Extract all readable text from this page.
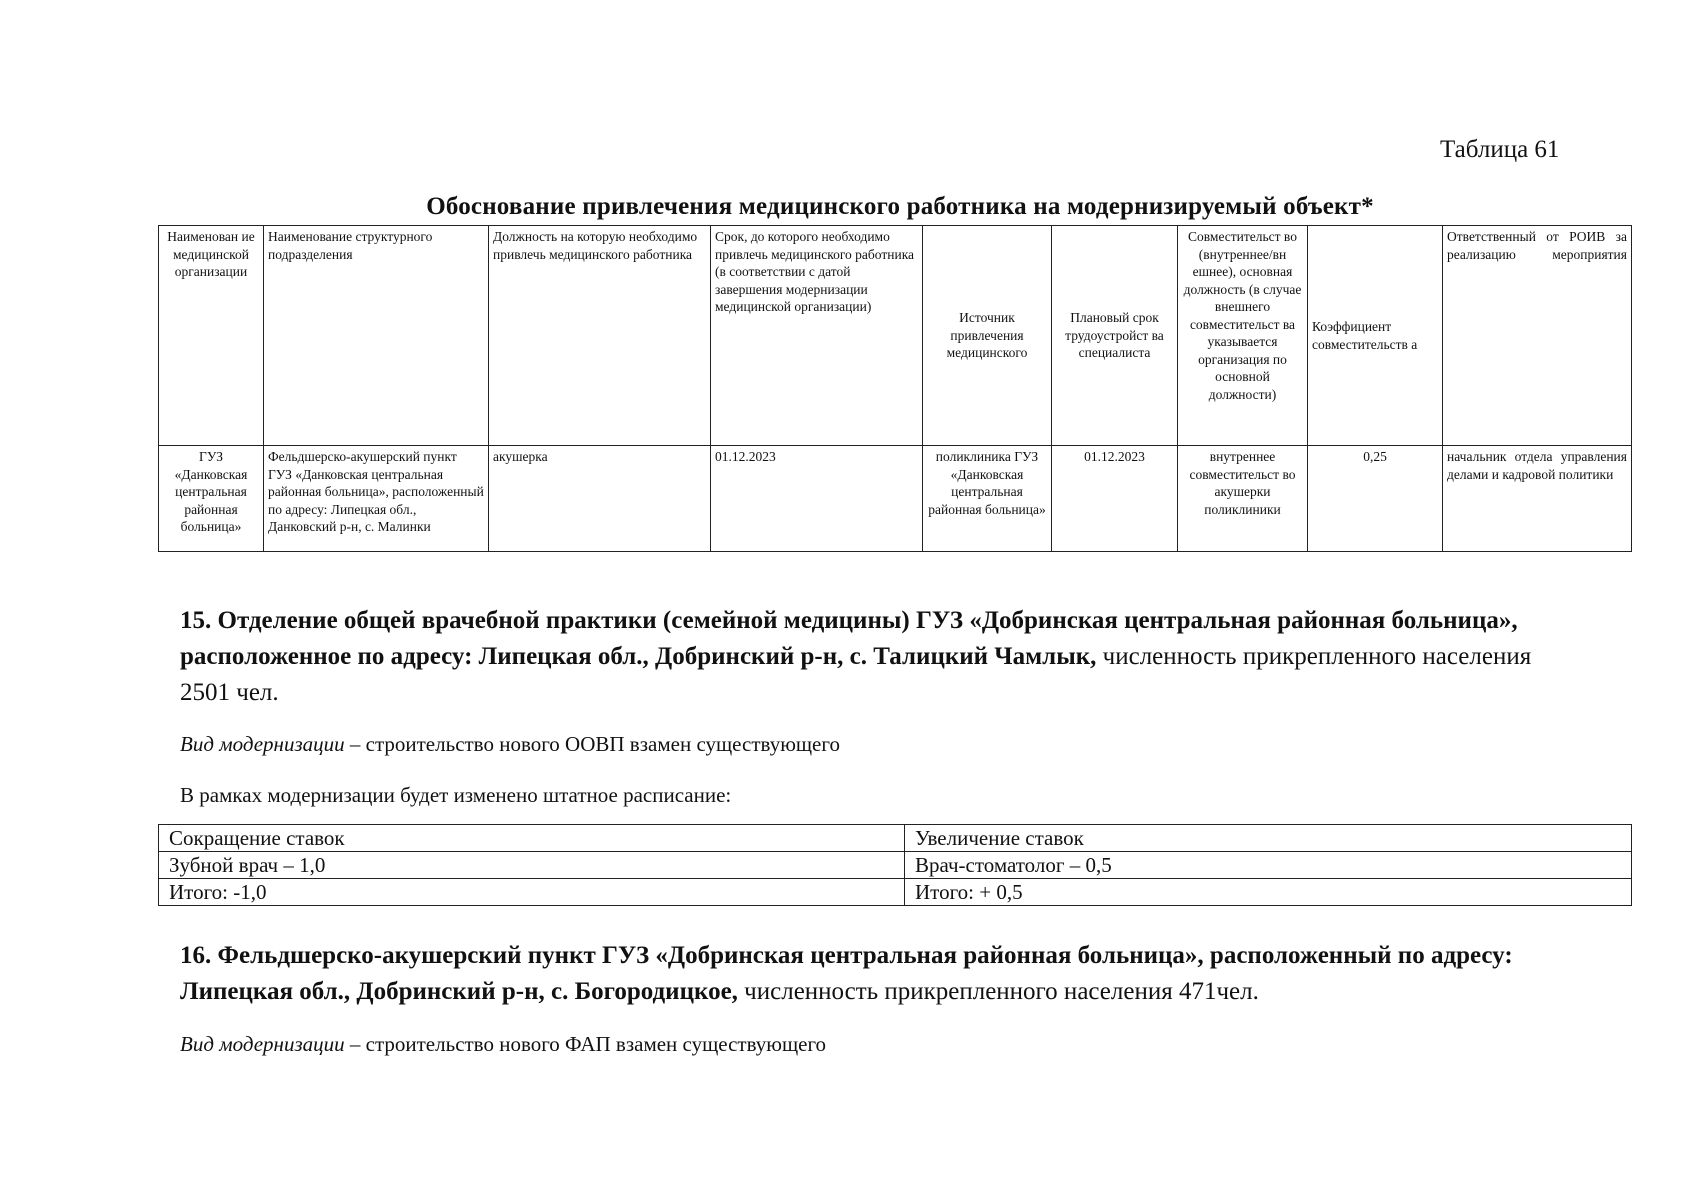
Таблица 61
Обоснование привлечения медицинского работника на модернизируемый объект*
Наименован ие медицинской организации	Наименование структурного подразделения	Должность на которую необходимо привлечь медицинского работника	Срок, до которого необходимо привлечь медицинского работника (в соответствии с датой завершения модернизации медицинской организации)	Источник привлечения медицинского	Плановый срок трудоустройст ва специалиста	Совместительст во (внутреннее/вн ешнее), основная должность (в случае внешнего совместительст ва указывается организация по основной должности)	Коэффициент совместительств а	Ответственный от РОИВ за реализацию мероприятия
ГУЗ «Данковская центральная районная больница»	Фельдшерско-акушерский пункт ГУЗ «Данковская центральная районная больница», расположенный по адресу: Липецкая обл., Данковский р-н, с. Малинки	акушерка	01.12.2023	поликлиника ГУЗ «Данковская центральная районная больница»	01.12.2023	внутреннее совместительст во акушерки поликлиники	0,25	начальник отдела управления делами и кадровой политики
15. Отделение общей врачебной практики (семейной медицины) ГУЗ «Добринская центральная районная больница», расположенное по адресу: Липецкая обл., Добринский р-н, с. Талицкий Чамлык, численность прикрепленного населения 2501 чел.
Вид модернизации – строительство нового ООВП взамен существующего
В рамках модернизации будет изменено штатное расписание:
Сокращение ставок	Увеличение ставок
Зубной врач – 1,0	Врач-стоматолог – 0,5
Итого: -1,0	Итого: + 0,5
16. Фельдшерско-акушерский пункт ГУЗ «Добринская центральная районная больница», расположенный по адресу: Липецкая обл., Добринский р-н, с. Богородицкое, численность прикрепленного населения 471чел.
Вид модернизации – строительство нового ФАП взамен существующего
